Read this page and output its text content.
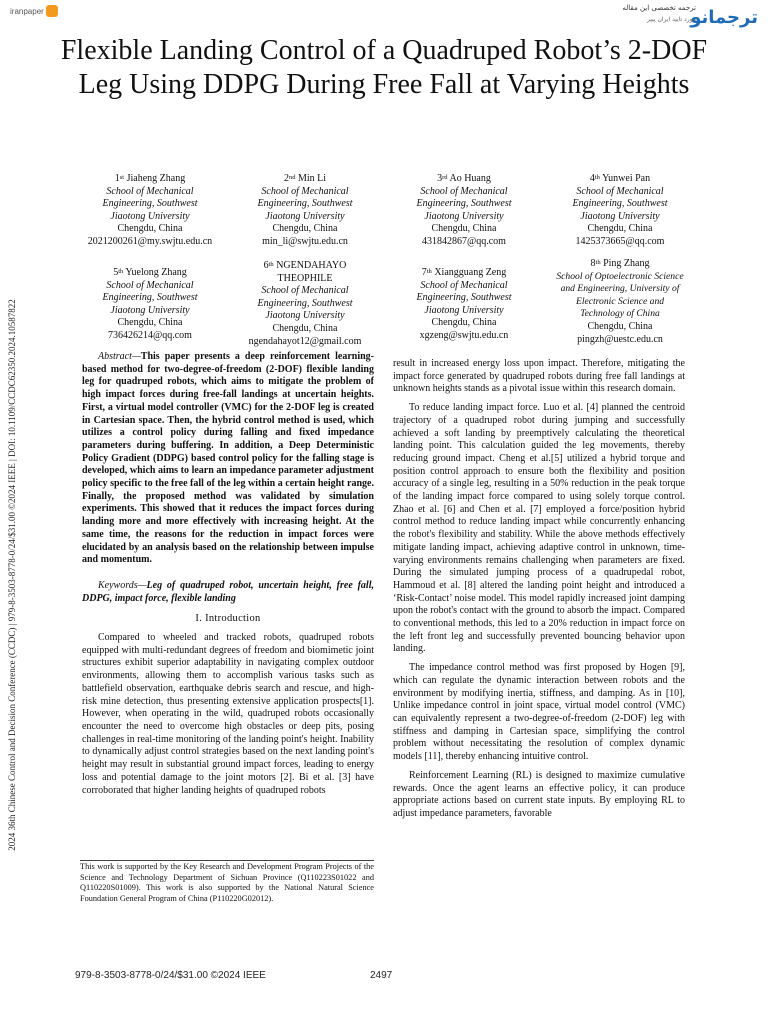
iranpaper	ترجمانو
ترجمه تخصصی این مقاله
مورد تایید ایران پیپر
2024 36th Chinese Control and Decision Conference (CCDC) | 979-8-3503-8778-0/24/$31.00 ©2024 IEEE | DOI: 10.1109/CCDC62350.2024.10587822
Flexible Landing Control of a Quadruped Robot’s 2-DOF Leg Using DDPG During Free Fall at Varying Heights
1st Jiaheng Zhang
School of Mechanical
Engineering, Southwest
Jiaotong University
Chengdu, China
2021200261@my.swjtu.edu.cn
2nd Min Li
School of Mechanical
Engineering, Southwest
Jiaotong University
Chengdu, China
min_li@swjtu.edu.cn
3rd Ao Huang
School of Mechanical
Engineering, Southwest
Jiaotong University
Chengdu, China
431842867@qq.com
4th Yunwei Pan
School of Mechanical
Engineering, Southwest
Jiaotong University
Chengdu, China
1425373665@qq.com
5th Yuelong Zhang
School of Mechanical
Engineering, Southwest
Jiaotong University
Chengdu, China
736426214@qq.com
6th NGENDAHAYO
THEOPHILE
School of Mechanical
Engineering, Southwest
Jiaotong University
Chengdu, China
ngendahayot12@gmail.com
7th Xiangguang Zeng
School of Mechanical
Engineering, Southwest
Jiaotong University
Chengdu, China
xgzeng@swjtu.edu.cn
8th Ping Zhang
School of Optoelectronic Science
and Engineering, University of
Electronic Science and
Technology of China
Chengdu, China
pingzh@uestc.edu.cn

Abstract—This paper presents a deep reinforcement learning-based method for two-degree-of-freedom (2-DOF) flexible landing leg for quadruped robots, which aims to mitigate the problem of high impact forces during free-fall landings at uncertain heights. First, a virtual model controller (VMC) for the 2-DOF leg is created in Cartesian space. Then, the hybrid control method is used, which utilizes a control policy during falling and fixed impedance parameters during buffering. In addition, a Deep Deterministic Policy Gradient (DDPG) based control policy for the falling stage is developed, which aims to learn an impedance parameter adjustment policy specific to the free fall of the leg within a certain height range. Finally, the proposed method was validated by simulation experiments. This showed that it reduces the impact forces during landing more and more effectively with increasing height. At the same time, the reasons for the reduction in impact forces were elucidated by an analysis based on the relationship between impulse and momentum.

Keywords—Leg of quadruped robot, uncertain height, free fall, DDPG, impact force, flexible landing

I. Introduction

Compared to wheeled and tracked robots, quadruped robots equipped with multi-redundant degrees of freedom and biomimetic joint structures exhibit superior adaptability in navigating complex outdoor environments, allowing them to accomplish various tasks such as battlefield observation, earthquake debris search and rescue, and high-risk mine detection, thus presenting extensive application prospects[1]. However, when operating in the wild, quadruped robots occasionally encounter the need to overcome high obstacles or deep pits, posing challenges in real-time monitoring of the landing point's height. Inability to dynamically adjust control strategies based on the next landing point's height may result in substantial ground impact forces, leading to energy loss and potential damage to the joint motors [2]. Bi et al. [3] have corroborated that higher landing heights of quadruped robots

This work is supported by the Key Research and Development Program Projects of the Science and Technology Department of Sichuan Province (Q110223S01022 and Q110220S01009). This work is also supported by the National Natural Science Foundation General Program of China (P110220G02012).

result in increased energy loss upon impact. Therefore, mitigating the impact force generated by quadruped robots during free fall landings at unknown heights stands as a pivotal issue within this research domain.

To reduce landing impact force. Luo et al. [4] planned the centroid trajectory of a quadruped robot during jumping and successfully achieved a soft landing by preemptively calculating the theoretical landing point. This calculation guided the leg movements, thereby reducing ground impact. Cheng et al.[5] utilized a hybrid torque and position control approach to ensure both the flexibility and position accuracy of a single leg, resulting in a 50% reduction in the peak torque of the landing impact force compared to using solely torque control. Zhao et al. [6] and Chen et al. [7] employed a force/position hybrid control method to reduce landing impact while concurrently enhancing the robot's flexibility and stability. While the above methods effectively mitigate landing impact, achieving adaptive control in unknown, time-varying environments remains challenging when parameters are fixed. During the simulated jumping process of a quadrupedal robot, Hammoud et al. [8] altered the landing point height and introduced a ‘Risk-Contact’ noise model. This model rapidly increased joint damping upon the robot's contact with the ground to absorb the impact. Compared to conventional methods, this led to a 20% reduction in impact force on the left front leg and successfully prevented bouncing behavior upon landing.

The impedance control method was first proposed by Hogen [9], which can regulate the dynamic interaction between robots and the environment by modifying inertia, stiffness, and damping. As in [10], Unlike impedance control in joint space, virtual model control (VMC) can equivalently represent a two-degree-of-freedom (2-DOF) leg with stiffness and damping in Cartesian space, simplifying the control problem without necessitating the resolution of complex dynamic models [11], thereby enhancing intuitive control.

Reinforcement Learning (RL) is designed to maximize cumulative rewards. Once the agent learns an effective policy, it can produce appropriate actions based on current state inputs. By employing RL to adjust impedance parameters, favorable

979-8-3503-8778-0/24/$31.00 ©2024 IEEE	2497
